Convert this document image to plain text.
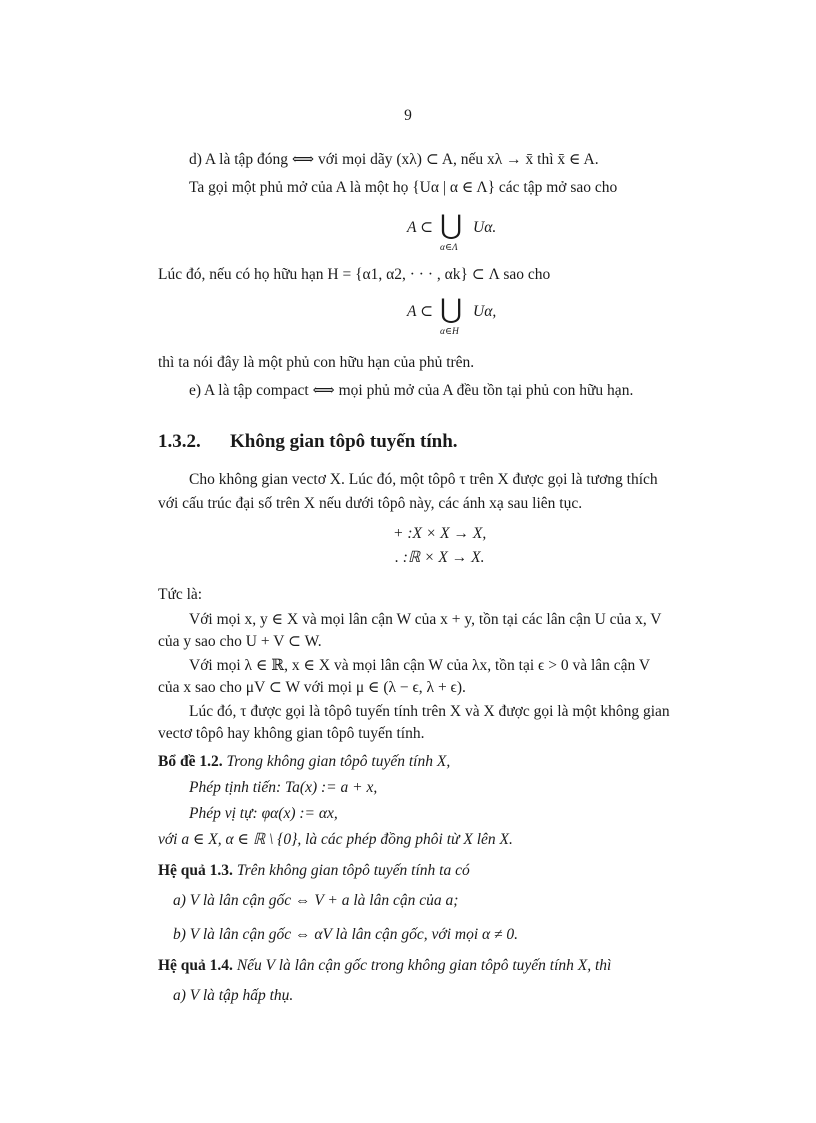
9
d) A là tập đóng ⟺ với mọi dãy (xλ) ⊂ A, nếu xλ → x̄ thì x̄ ∈ A.
Ta gọi một phủ mở của A là một họ {Uα | α ∈ Λ} các tập mở sao cho
A ⊂ ⋃
α∈Λ
Uα.
Lúc đó, nếu có họ hữu hạn H = {α1, α2, · · · , αk} ⊂ Λ sao cho
A ⊂ ⋃
α∈H
Uα,
thì ta nói đây là một phủ con hữu hạn của phủ trên.
e) A là tập compact ⟺ mọi phủ mở của A đều tồn tại phủ con hữu hạn.
1.3.2. Không gian tôpô tuyến tính.
Cho không gian vectơ X. Lúc đó, một tôpô τ trên X được gọi là tương thích
với cấu trúc đại số trên X nếu dưới tôpô này, các ánh xạ sau liên tục.
+ :X × X → X,
. :ℝ × X → X.
Tức là:
Với mọi x, y ∈ X và mọi lân cận W của x + y, tồn tại các lân cận U của x, V
của y sao cho U + V ⊂ W.
Với mọi λ ∈ ℝ, x ∈ X và mọi lân cận W của λx, tồn tại ϵ > 0 và lân cận V
của x sao cho μV ⊂ W với mọi μ ∈ (λ − ϵ, λ + ϵ).
Lúc đó, τ được gọi là tôpô tuyến tính trên X và X được gọi là một không gian
vectơ tôpô hay không gian tôpô tuyến tính.
Bổ đề 1.2. Trong không gian tôpô tuyến tính X,
Phép tịnh tiến: Ta(x) := a + x,
Phép vị tự: φα(x) := αx,
với a ∈ X, α ∈ ℝ \ {0}, là các phép đồng phôi từ X lên X.
Hệ quả 1.3. Trên không gian tôpô tuyến tính ta có
a) V là lân cận gốc ⇔ V + a là lân cận của a;
b) V là lân cận gốc ⇔ αV là lân cận gốc, với mọi α ≠ 0.
Hệ quả 1.4. Nếu V là lân cận gốc trong không gian tôpô tuyến tính X, thì
a) V là tập hấp thụ.
